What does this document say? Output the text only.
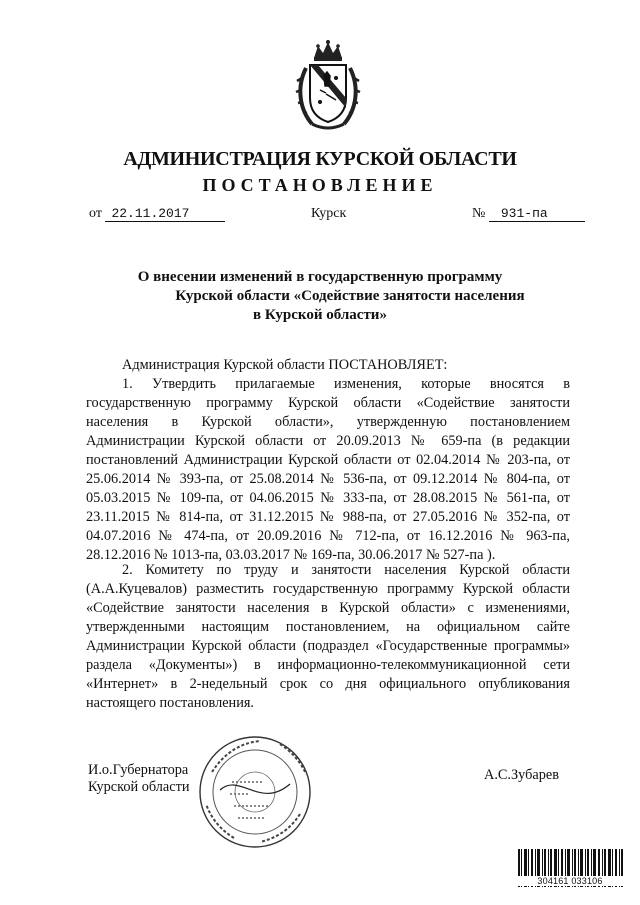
АДМИНИСТРАЦИЯ КУРСКОЙ ОБЛАСТИ
ПОСТАНОВЛЕНИЕ
от 22.11.2017	Курск	№ 931-па
О внесении изменений в государственную программу
Курской области «Содействие занятости населения
в Курской области»
Администрация Курской области ПОСТАНОВЛЯЕТ:
1. Утвердить прилагаемые изменения, которые вносятся в государственную программу Курской области «Содействие занятости населения в Курской области», утвержденную постановлением Администрации Курской области от 20.09.2013 № 659-па (в редакции постановлений Администрации Курской области от 02.04.2014 № 203-па, от 25.06.2014 № 393-па, от 25.08.2014 № 536-па, от 09.12.2014 № 804-па, от 05.03.2015 № 109-па, от 04.06.2015 № 333-па, от 28.08.2015 № 561-па, от 23.11.2015 № 814-па, от 31.12.2015 № 988-па, от 27.05.2016 № 352-па, от 04.07.2016 № 474-па, от 20.09.2016 № 712-па, от 16.12.2016 № 963-па, 28.12.2016 № 1013-па, 03.03.2017 № 169-па, 30.06.2017 № 527-па ).
2. Комитету по труду и занятости населения Курской области (А.А.Куцевалов) разместить государственную программу Курской области «Содействие занятости населения в Курской области» с изменениями, утвержденными настоящим постановлением, на официальном сайте Администрации Курской области (подраздел «Государственные программы» раздела «Документы») в информационно-телекоммуникационной сети «Интернет» в 2-недельный срок со дня официального опубликования настоящего постановления.
И.о.Губернатора
Курской области
А.С.Зубарев
304161 033106
